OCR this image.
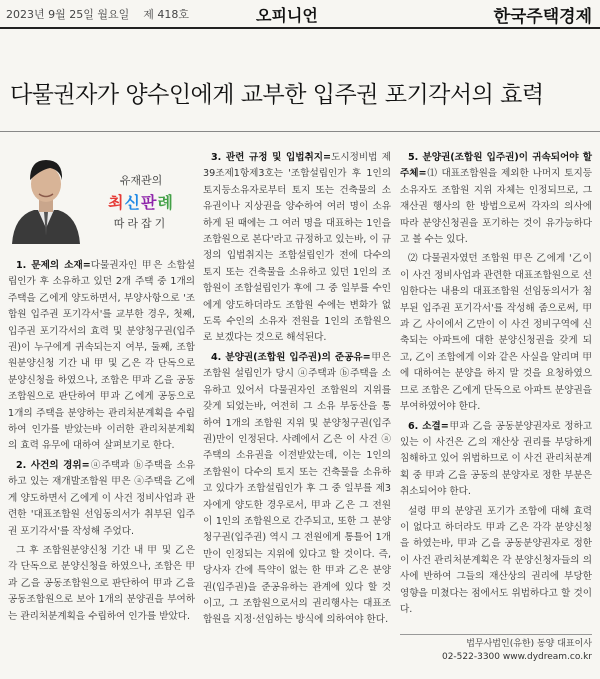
2023년 9월 25일 월요일 제 418호	오피니언	한국주택경제
다물권자가 양수인에게 교부한 입주권 포기각서의 효력
유재관의
최신판례
따라잡기

1. 문제의 소재=다물권자인 甲은 소합설립인가 후 소유하고 있던 2개 주택 중 1개의 주택을 乙에게 양도하면서, 부양사항으로 '조합원 입주권 포기각서'를 교부한 경우, 첫째, 입주권 포기각서의 효력 및 분양청구권(입주권)이 누구에게 귀속되는지 여부, 둘째, 조합원분양신청 기간 내 甲 및 乙은 각 단독으로 분양신청을 하였으나, 조합은 甲과 乙을 공동조합원으로 판단하여 甲과 乙에게 공동으로 1개의 주택을 분양하는 관리처분계획을 수립하여 인가를 받았는바 이러한 관리처분계획의 효력 유무에 대하여 살펴보기로 한다.

2. 사건의 경위=ⓐ주택과 ⓑ주택을 소유하고 있는 재개발조합원 甲은 ⓐ주택을 乙에게 양도하면서 乙에게 이 사건 정비사업과 관련한 '대표조합원 선임동의서가 취부된 입주권 포기각서'를 작성해 주었다.

그 후 조합원분양신청 기간 내 甲 및 乙은 각 단독으로 분양신청을 하였으나, 조합은 甲과 乙을 공동조합원으로 판단하여 甲과 乙을 공동조합원으로 보아 1개의 분양권을 부여하는 관리처분계획을 수립하여 인가를 받았다.

3. 관련 규정 및 입법취지=도시정비법 제39조제1항제3호는 '조합설립인가 후 1인의 토지등소유자로부터 토지 또는 건축물의 소유권이나 지상권을 양수하여 여러 명이 소유하게 된 때에는 그 여러 명을 대표하는 1인을 조합원으로 본다'라고 규정하고 있는바, 이 규정의 입법취지는 조합설립인가 전에 다수의 토지 또는 건축물을 소유하고 있던 1인의 조합원이 조합설립인가 후에 그 중 일부를 수인에게 양도하더라도 조합원 수에는 변화가 없도록 수인의 소유자 전원을 1인의 조합원으로 보겠다는 것으로 해석된다.

4. 분양권(조합원 입주권)의 준공유=甲은 조합원 설립인가 당시 ⓐ주택과 ⓑ주택을 소유하고 있어서 다물권자인 조합원의 지위를 갖게 되었는바, 여전히 그 소유 부동산을 통하여 1개의 조합원 지위 및 분양청구권(입주권)만이 인정된다. 사례에서 乙은 이 사건 ⓐ주택의 소유권을 이전받았는데, 이는 1인의 조합원이 다수의 토지 또는 건축물을 소유하고 있다가 조합설립인가 후 그 중 일부를 제3자에게 양도한 경우로서, 甲과 乙은 그 전원이 1인의 조합원으로 간주되고, 또한 그 분양청구권(입주권) 역시 그 전원에게 통틀어 1개만이 인정되는 지위에 있다고 할 것이다. 즉, 당사자 간에 특약이 없는 한 甲과 乙은 분양권(입주권)을 준공유하는 관계에 있다 할 것이고, 그 조합원으로서의 권리행사는 대표조합원을 지정·선임하는 방식에 의하여야 한다.

5. 분양권(조합원 입주권)이 귀속되어야 할 주체=⑴ 대표조합원을 제외한 나머지 토지등소유자도 조합원 지위 자체는 인정되므로, 그 재산권 행사의 한 방법으로써 각자의 의사에 따라 분양신청권을 포기하는 것이 유가능하다고 볼 수는 있다.

⑵ 다물권자였던 조합원 甲은 乙에게 '乙이 이 사건 정비사업과 관련한 대표조합원으로 선임한다는 내용의 대표조합원 선임동의서가 첨부된 입주권 포기각서'를 작성해 줌으로써, 甲과 乙 사이에서 乙만이 이 사건 정비구역에 신축되는 아파트에 대한 분양신청권을 갖게 되고, 乙이 조합에게 이와 같은 사실을 알리며 甲에 대하여는 분양을 하지 말 것을 요청하였으므로 조합은 乙에게 단독으로 아파트 분양권을 부여하였어야 한다.

6. 소결=甲과 乙을 공동분양권자로 정하고 있는 이 사건은 乙의 재산상 권리를 부당하게 침해하고 있어 위법하므로 이 사건 관리처분계획 중 甲과 乙을 공동의 분양자로 정한 부분은 취소되어야 한다.

설령 甲의 분양권 포기가 조합에 대해 효력이 없다고 하더라도 甲과 乙은 각각 분양신청을 하였는바, 甲과 乙을 공동분양권자로 정한 이 사건 관리처분계획은 각 분양신청자들의 의사에 반하여 그들의 재산상의 권리에 부당한 영향을 미쳤다는 점에서도 위법하다고 할 것이다.

법무사법인(유한) 동양 대표이사
02-522-3300 www.dydream.co.kr
